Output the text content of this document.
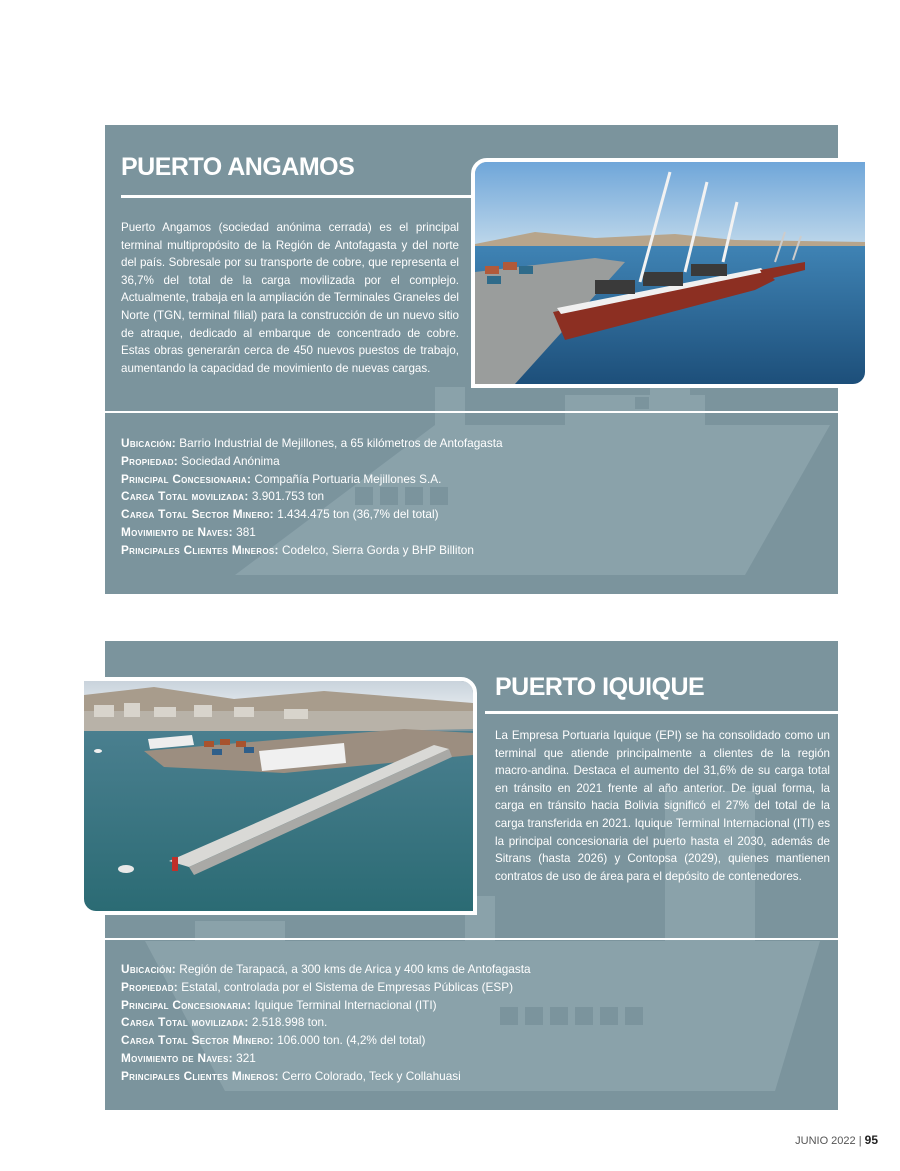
PUERTO ANGAMOS

Puerto Angamos (sociedad anónima cerrada) es el principal terminal multipropósito de la Región de Antofagasta y del norte del país. Sobresale por su transporte de cobre, que representa el 36,7% del total de la carga movilizada por el complejo. Actualmente, trabaja en la ampliación de Terminales Graneles del Norte (TGN, terminal filial) para la construcción de un nuevo sitio de atraque, dedicado al embarque de concentrado de cobre. Estas obras generarán cerca de 450 nuevos puestos de trabajo, aumentando la capacidad de movimiento de nuevas cargas.

Ubicación: Barrio Industrial de Mejillones, a 65 kilómetros de Antofagasta
Propiedad: Sociedad Anónima
Principal Concesionaria: Compañía Portuaria Mejillones S.A.
Carga Total movilizada: 3.901.753 ton
Carga Total Sector Minero: 1.434.475 ton (36,7% del total)
Movimiento de Naves: 381
Principales Clientes Mineros: Codelco, Sierra Gorda y BHP Billiton
PUERTO IQUIQUE

La Empresa Portuaria Iquique (EPI) se ha consolidado como un terminal que atiende principalmente a clientes de la región macro-andina. Destaca el aumento del 31,6% de su carga total en tránsito en 2021 frente al año anterior. De igual forma, la carga en tránsito hacia Bolivia significó el 27% del total de la carga transferida en 2021. Iquique Terminal Internacional (ITI) es la principal concesionaria del puerto hasta el 2030, además de Sitrans (hasta 2026) y Contopsa (2029), quienes mantienen contratos de uso de área para el depósito de contenedores.

Ubicación: Región de Tarapacá, a 300 kms de Arica y 400 kms de Antofagasta
Propiedad: Estatal, controlada por el Sistema de Empresas Públicas (ESP)
Principal Concesionaria: Iquique Terminal Internacional (ITI)
Carga Total movilizada: 2.518.998 ton.
Carga Total Sector Minero: 106.000 ton. (4,2% del total)
Movimiento de Naves: 321
Principales Clientes Mineros: Cerro Colorado, Teck y Collahuasi
JUNIO 2022 | 95
